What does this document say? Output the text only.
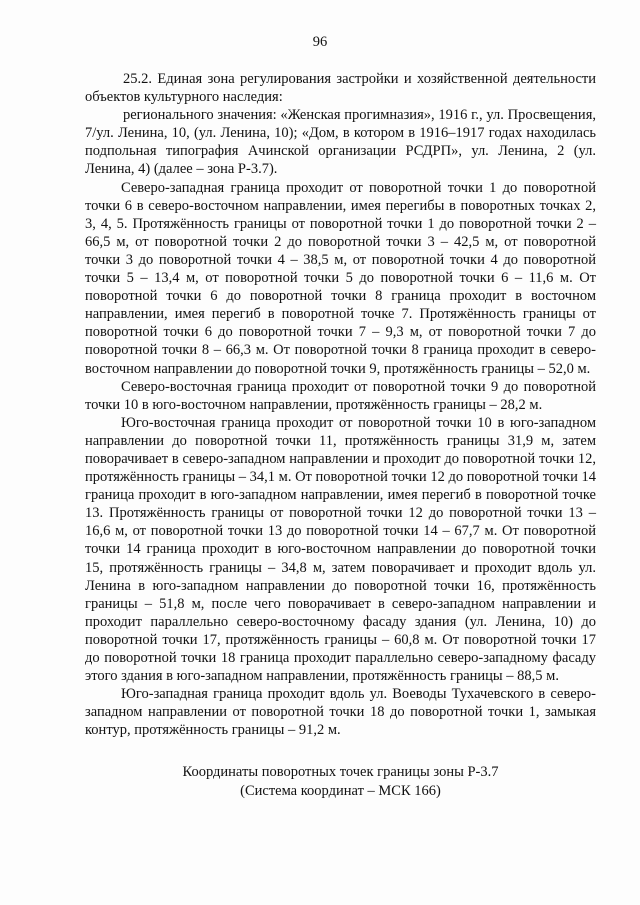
96

25.2. Единая зона регулирования застройки и хозяйственной деятельности объектов культурного наследия:

регионального значения: «Женская прогимназия», 1916 г., ул. Просвещения, 7/ул. Ленина, 10, (ул. Ленина, 10); «Дом, в котором в 1916–1917 годах находилась подпольная типография Ачинской организации РСДРП», ул. Ленина, 2 (ул. Ленина, 4) (далее – зона Р-3.7).

Северо-западная граница проходит от поворотной точки 1 до поворотной точки 6 в северо-восточном направлении, имея перегибы в поворотных точках 2, 3, 4, 5. Протяжённость границы от поворотной точки 1 до поворотной точки 2 – 66,5 м, от поворотной точки 2 до поворотной точки 3 – 42,5 м, от поворотной точки 3 до поворотной точки 4 – 38,5 м, от поворотной точки 4 до поворотной точки 5 – 13,4 м, от поворотной точки 5 до поворотной точки 6 – 11,6 м. От поворотной точки 6 до поворотной точки 8 граница проходит в восточном направлении, имея перегиб в поворотной точке 7. Протяжённость границы от поворотной точки 6 до поворотной точки 7 – 9,3 м, от поворотной точки 7 до поворотной точки 8 – 66,3 м. От поворотной точки 8 граница проходит в северо-восточном направлении до поворотной точки 9, протяжённость границы – 52,0 м.

Северо-восточная граница проходит от поворотной точки 9 до поворотной точки 10 в юго-восточном направлении, протяжённость границы – 28,2 м.

Юго-восточная граница проходит от поворотной точки 10 в юго-западном направлении до поворотной точки 11, протяжённость границы 31,9 м, затем поворачивает в северо-западном направлении и проходит до поворотной точки 12, протяжённость границы – 34,1 м. От поворотной точки 12 до поворотной точки 14 граница проходит в юго-западном направлении, имея перегиб в поворотной точке 13. Протяжённость границы от поворотной точки 12 до поворотной точки 13 – 16,6 м, от поворотной точки 13 до поворотной точки 14 – 67,7 м. От поворотной точки 14 граница проходит в юго-восточном направлении до поворотной точки 15, протяжённость границы – 34,8 м, затем поворачивает и проходит вдоль ул. Ленина в юго-западном направлении до поворотной точки 16, протяжённость границы – 51,8 м, после чего поворачивает в северо-западном направлении и проходит параллельно северо-восточному фасаду здания (ул. Ленина, 10) до поворотной точки 17, протяжённость границы – 60,8 м. От поворотной точки 17 до поворотной точки 18 граница проходит параллельно северо-западному фасаду этого здания в юго-западном направлении, протяжённость границы – 88,5 м.

Юго-западная граница проходит вдоль ул. Воеводы Тухачевского в северо-западном направлении от поворотной точки 18 до поворотной точки 1, замыкая контур, протяжённость границы – 91,2 м.

Координаты поворотных точек границы зоны Р-3.7
(Система координат – МСК 166)
